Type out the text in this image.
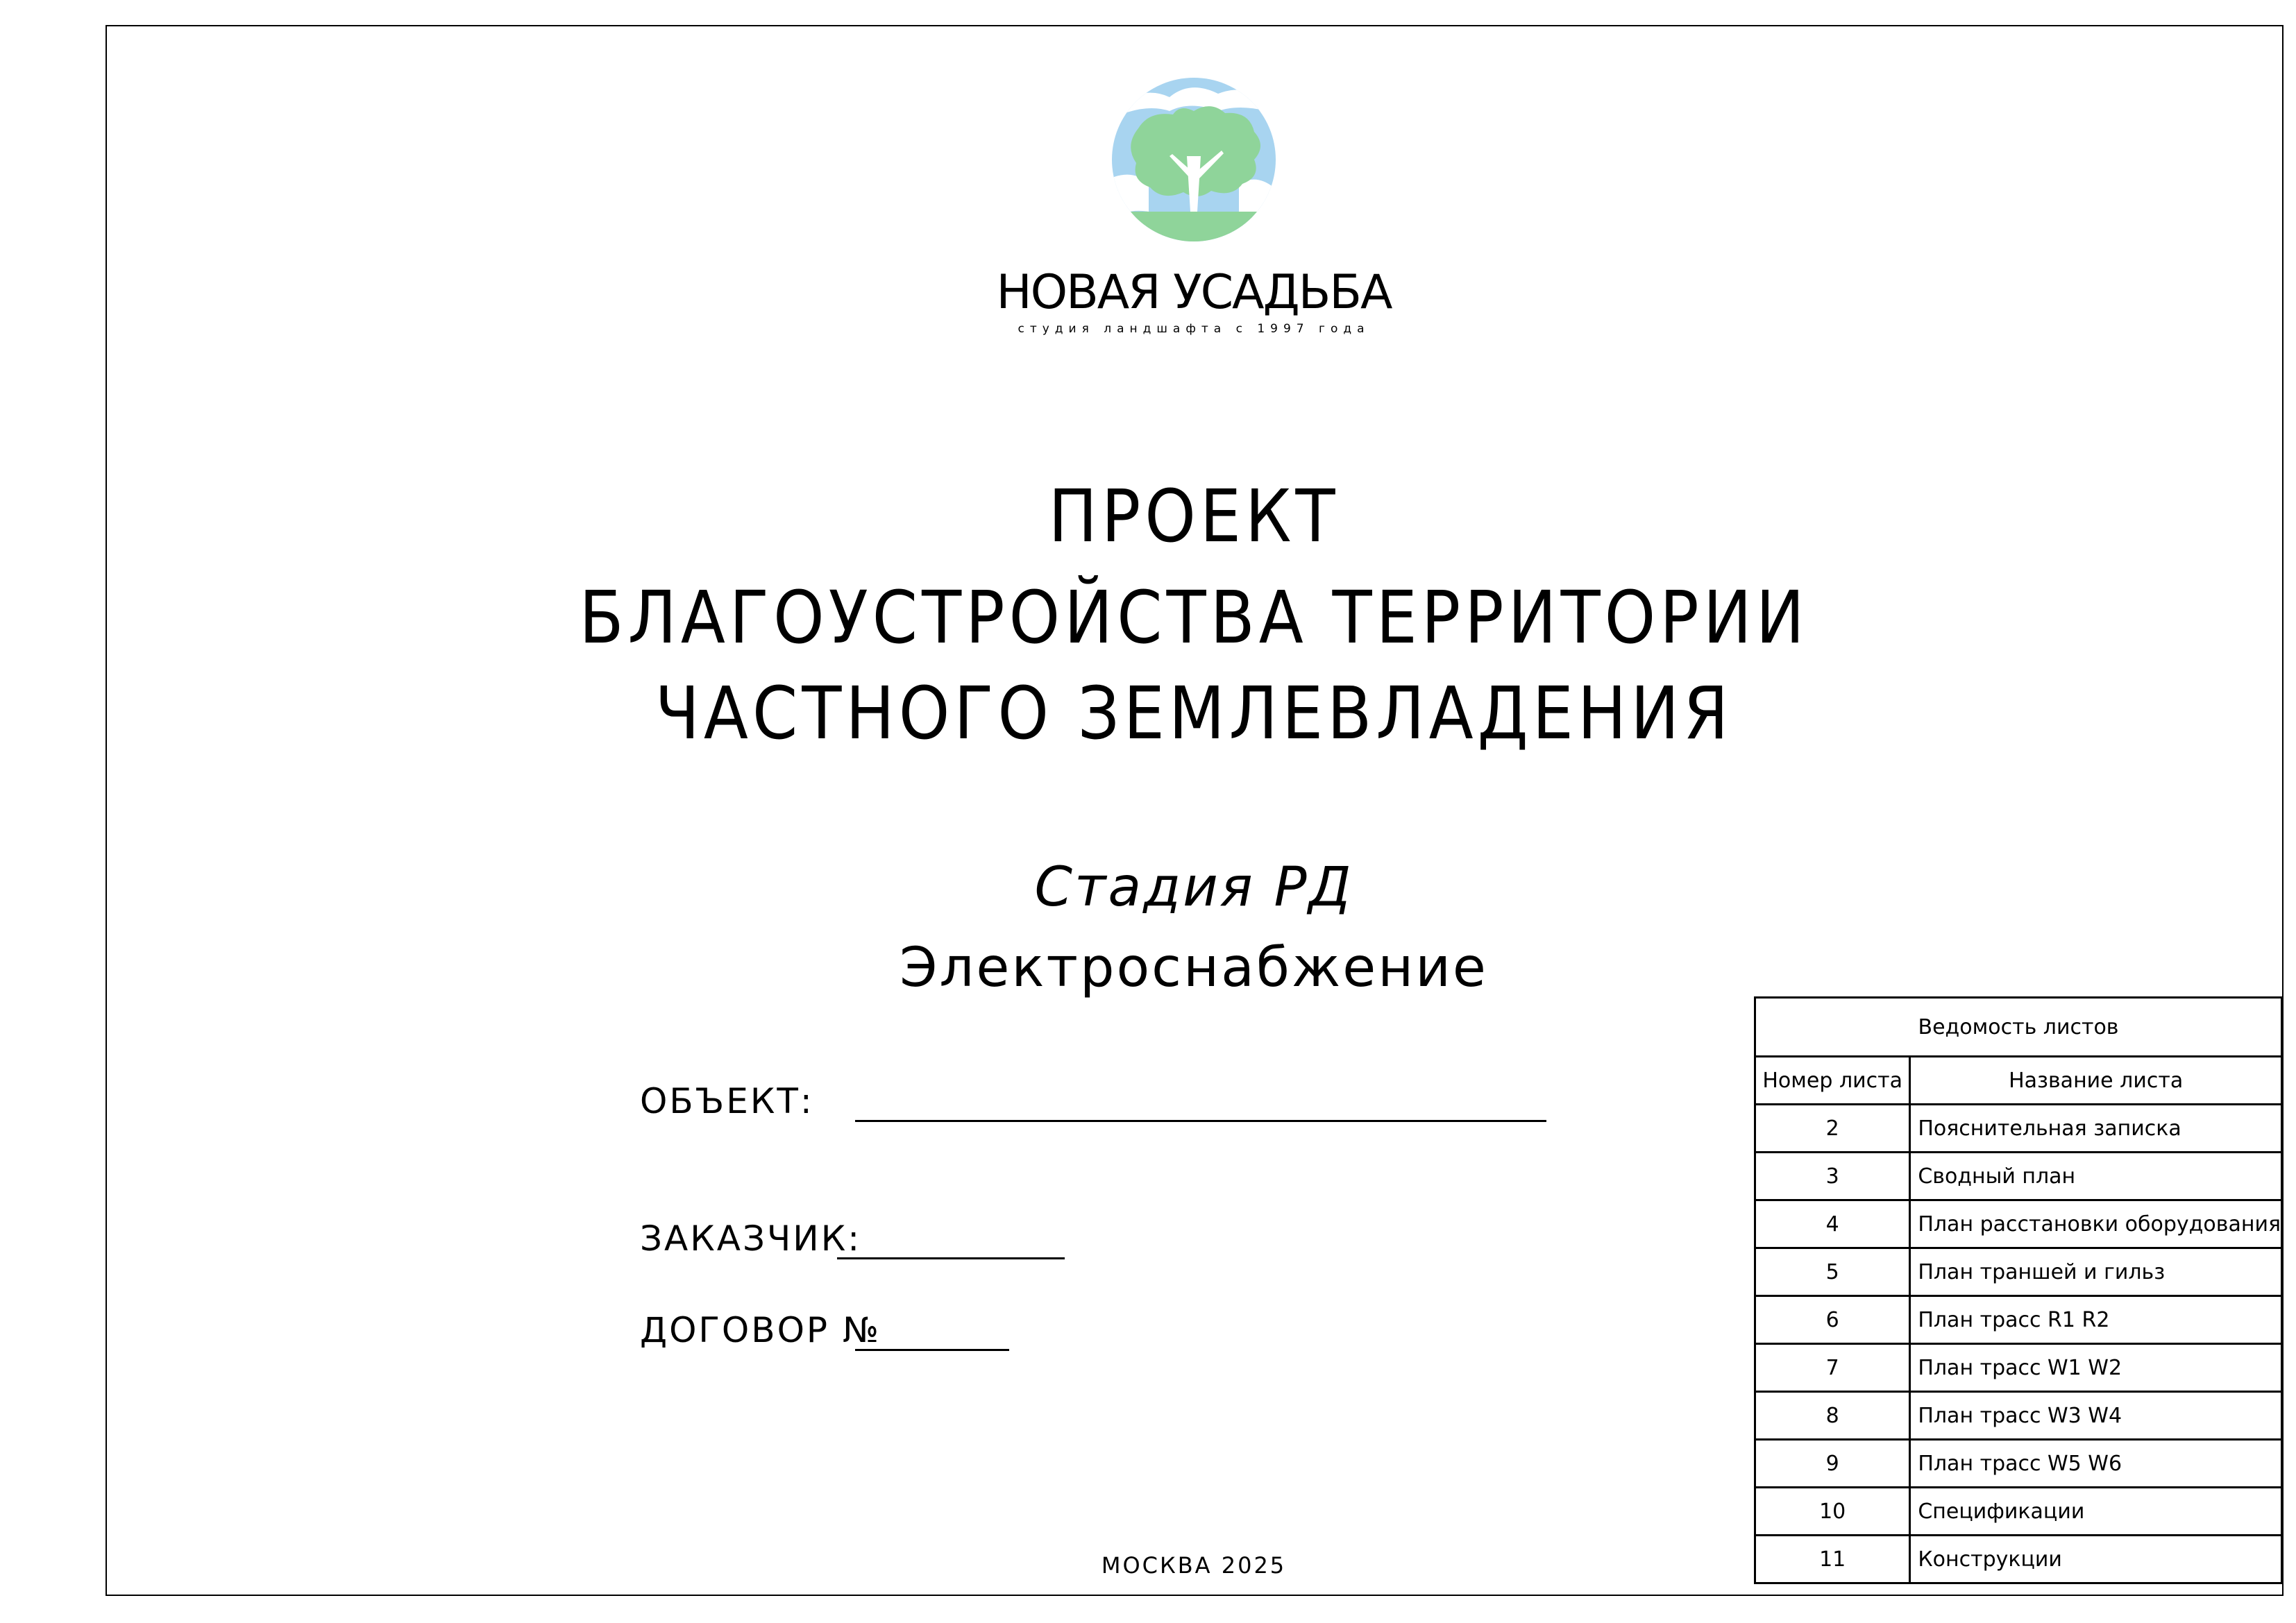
НОВАЯ УСАДЬБА
студия ландшафта с 1997 года
ПРОЕКТ
БЛАГОУСТРОЙСТВА ТЕРРИТОРИИ
ЧАСТНОГО ЗЕМЛЕВЛАДЕНИЯ
Стадия РД
Электроснабжение
ОБЪЕКТ:
ЗАКАЗЧИК:
ДОГОВОР №
МОСКВА 2025
Ведомость листов	
Номер листа	Название листа
2	Пояснительная записка
3	Сводный план
4	План расстановки оборудования
5	План траншей и гильз
6	План трасс R1 R2
7	План трасс W1 W2
8	План трасс W3 W4
9	План трасс W5 W6
10	Спецификации
11	Конструкции
